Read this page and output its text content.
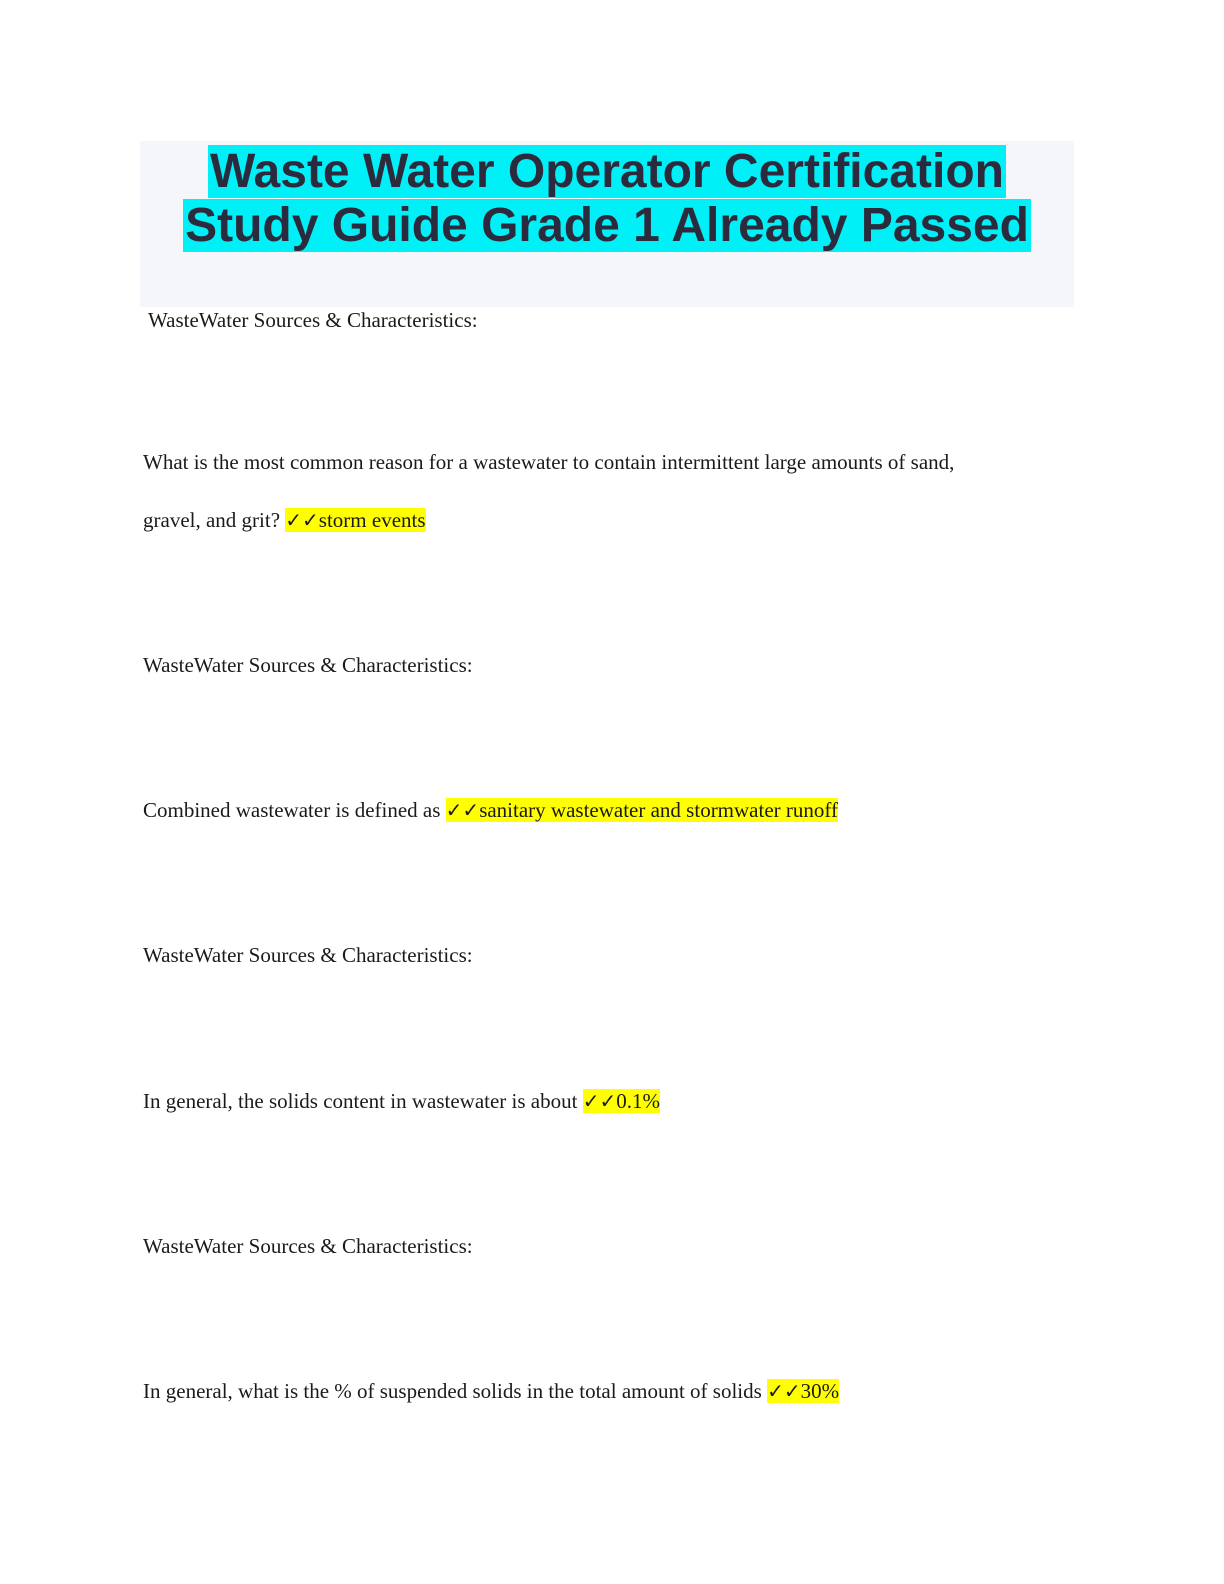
Waste Water Operator Certification
Study Guide Grade 1 Already Passed

WasteWater Sources & Characteristics:

What is the most common reason for a wastewater to contain intermittent large amounts of sand,

gravel, and grit? ✓✓storm events

WasteWater Sources & Characteristics:

Combined wastewater is defined as ✓✓sanitary wastewater and stormwater runoff

WasteWater Sources & Characteristics:

In general, the solids content in wastewater is about ✓✓0.1%

WasteWater Sources & Characteristics:

In general, what is the % of suspended solids in the total amount of solids ✓✓30%
